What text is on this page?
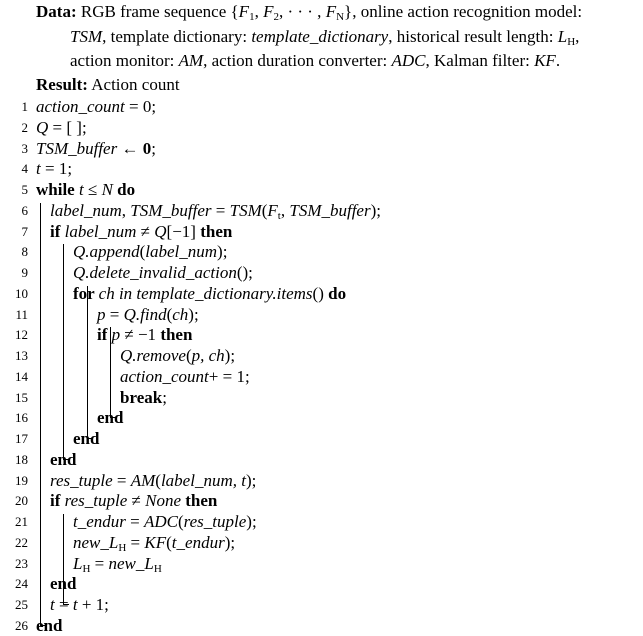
Data: RGB frame sequence {$F_1$, $F_2$, · · · , $F_N$}, online action recognition model:
TSM, template dictionary: template_dictionary, historical result length: $L_H$,
action monitor: AM, action duration converter: ADC, Kalman filter: KF.
Result: Action count
1 action_count = 0;
2 Q = [ ];
3 TSM_buffer ← 0;
4 t = 1;
5 while t ≤ N do
6 label_num, TSM_buffer = $TSM(F_t$, TSM_buffer);
7 if label_num ≠ Q[−1] then
8	Q.append(label_num);
9	Q.delete_invalid_action();
10	for ch in template_dictionary.items() do
11	p = Q.find(ch);
12	if p ≠ −1 then
13	Q.remove(p, ch);
14	action_count+ = 1;
15	break;
16	end
17	end
18 end
19 res_tuple = AM(label_num, t);
20 if res_tuple ≠ None then
21	t_endur = ADC(res_tuple);
22	$new\_L_H$ = KF(t_endur);
23	$L_H$ = $new\_L_H$
24 end
25 t = t + 1;
26 end
